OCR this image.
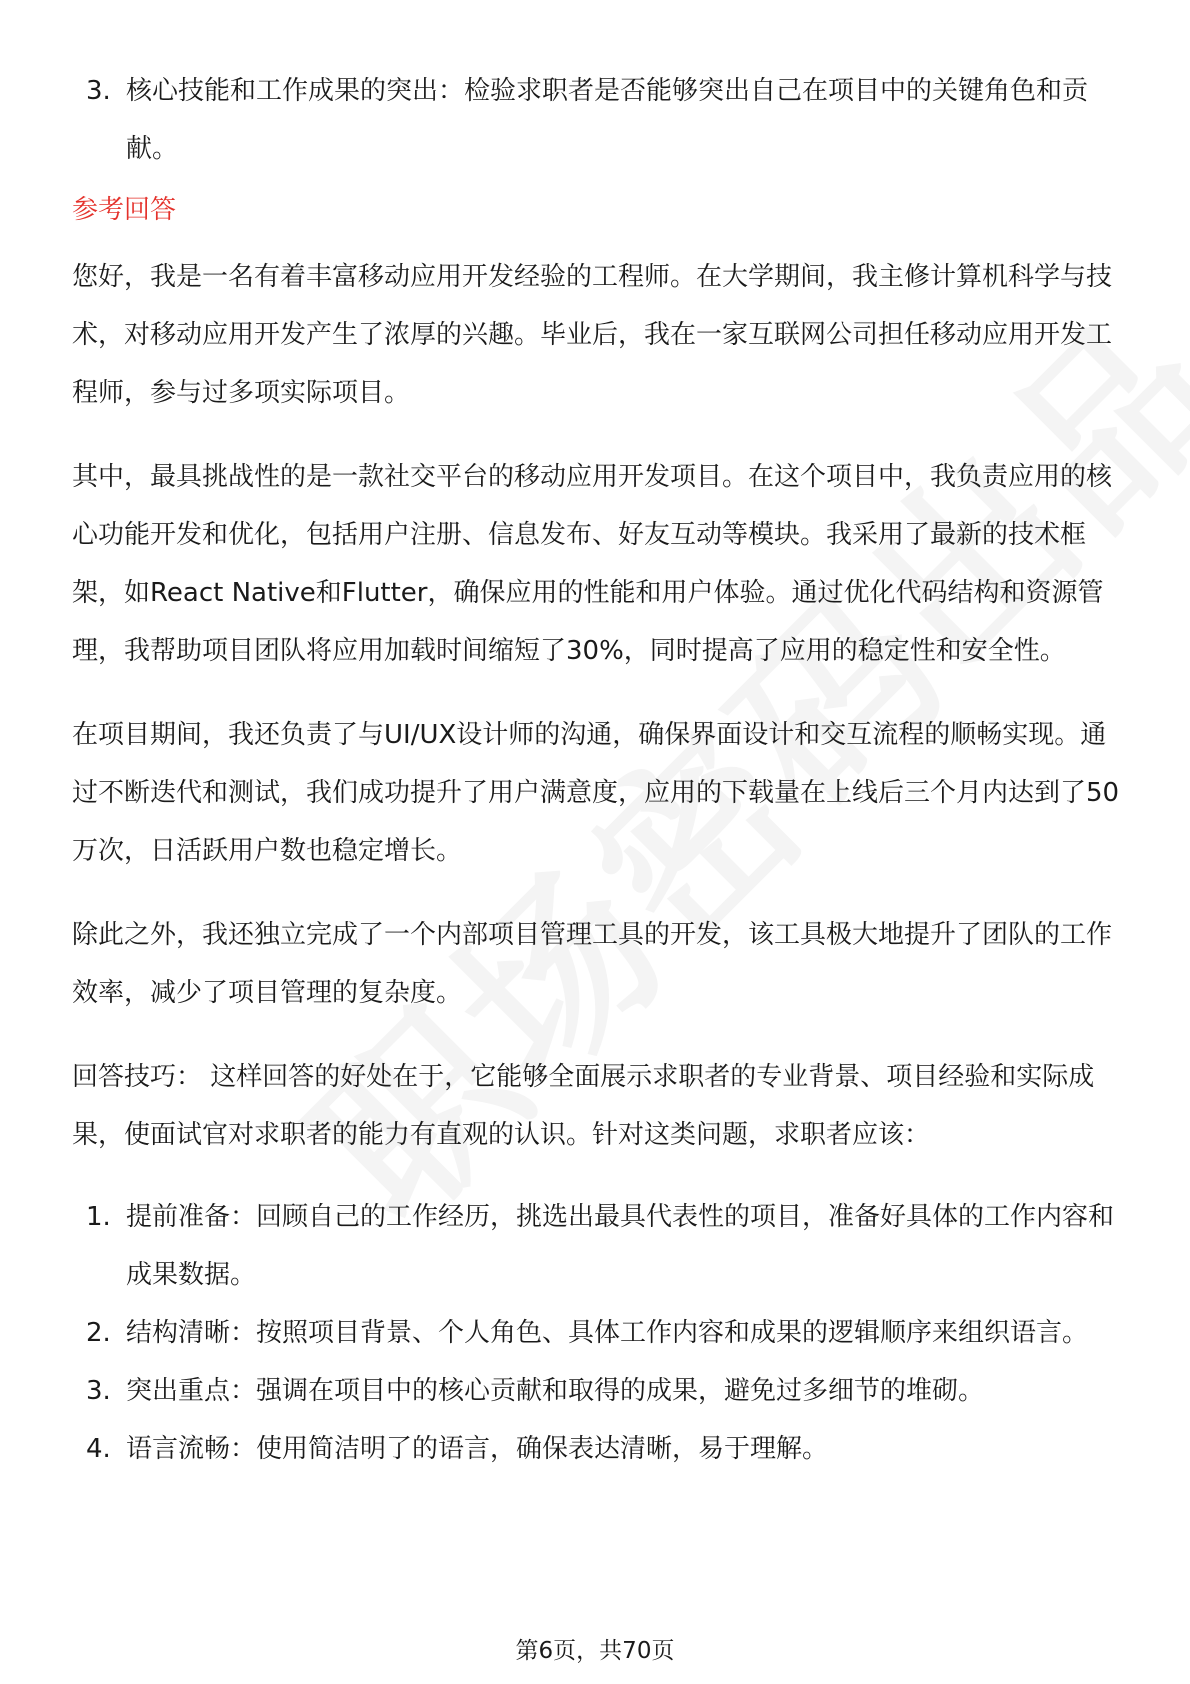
3. 核心技能和工作成果的突出：检验求职者是否能够突出自己在项目中的关键角色和贡献。
参考回答

您好，我是一名有着丰富移动应用开发经验的工程师。在大学期间，我主修计算机科学与技术，对移动应用开发产生了浓厚的兴趣。毕业后，我在一家互联网公司担任移动应用开发工程师，参与过多项实际项目。

其中，最具挑战性的是一款社交平台的移动应用开发项目。在这个项目中，我负责应用的核心功能开发和优化，包括用户注册、信息发布、好友互动等模块。我采用了最新的技术框架，如React Native和Flutter，确保应用的性能和用户体验。通过优化代码结构和资源管理，我帮助项目团队将应用加载时间缩短了30%，同时提高了应用的稳定性和安全性。

在项目期间，我还负责了与UI/UX设计师的沟通，确保界面设计和交互流程的顺畅实现。通过不断迭代和测试，我们成功提升了用户满意度，应用的下载量在上线后三个月内达到了50万次，日活跃用户数也稳定增长。

除此之外，我还独立完成了一个内部项目管理工具的开发，该工具极大地提升了团队的工作效率，减少了项目管理的复杂度。

回答技巧： 这样回答的好处在于，它能够全面展示求职者的专业背景、项目经验和实际成果，使面试官对求职者的能力有直观的认识。针对这类问题，求职者应该：

1. 提前准备：回顾自己的工作经历，挑选出最具代表性的项目，准备好具体的工作内容和成果数据。
2. 结构清晰：按照项目背景、个人角色、具体工作内容和成果的逻辑顺序来组织语言。
3. 突出重点：强调在项目中的核心贡献和取得的成果，避免过多细节的堆砌。
4. 语言流畅：使用简洁明了的语言，确保表达清晰，易于理解。
第6页，共70页
